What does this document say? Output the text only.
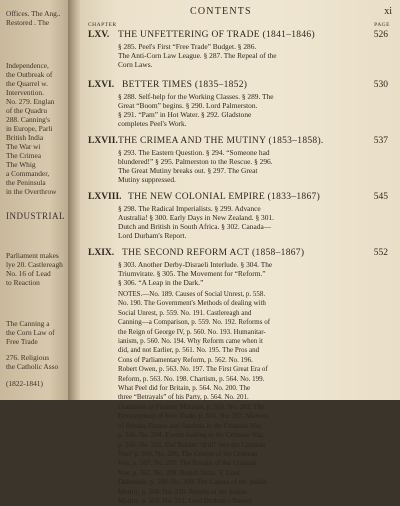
Offices. The Ang..
Restored . The
Independence,
the Outbreak of
the Quarrel w.
Intervention.
No. 279. Englan
of the Quadru
288. Canning's
in Europe, Parli
British India
The War wi
The Crimea
The Whig
a Commander,
the Peninsula
in the Overthrow
INDUSTRIAL
Parliament makes
lye 20. Castlereagh
No. 16 of Lead
to Reaction
The Canning a
the Corn Law of
Free Trade
276. Religious
the Catholic Asso
(1822-1841)
CONTENTS	xi
CHAPTER	PAGE
LXV. THE UNFETTERING OF TRADE (1841–1846)	526
§ 285. Peel's First “Free Trade” Budget. § 286.
The Anti-Corn Law League. § 287. The Repeal of the
Corn Laws.
LXVI. BETTER TIMES (1835–1852)	530
§ 288. Self-help for the Working Classes. § 289. The
Great “Boom” begins. § 290. Lord Palmerston.
§ 291. “Pam” in Hot Water. § 292. Gladstone
completes Peel's Work.
LXVII. THE CRIMEA AND THE MUTINY (1853–1858).	537
§ 293. The Eastern Question. § 294. “Someone had
blundered!” § 295. Palmerston to the Rescue. § 296.
The Great Mutiny breaks out. § 297. The Great
Mutiny suppressed.
LXVIII. THE NEW COLONIAL EMPIRE (1833–1867)	545
§ 298. The Radical Imperialists. § 299. Advance
Australia! § 300. Early Days in New Zealand. § 301.
Dutch and British in South Africa. § 302. Canada—
Lord Durham's Report.
LXIX. THE SECOND REFORM ACT (1858–1867)	552
§ 303. Another Derby-Disraeli Interlude. § 304. The
Triumvirate. § 305. The Movement for “Reform.”
§ 306. “A Leap in the Dark.”
NOTES.—No. 189. Causes of Social Unrest, p. 558.
No. 190. The Government's Methods of dealing with
Social Unrest, p. 559. No. 191. Castlereagh and
Canning—a Comparison, p. 559. No. 192. Reforms of
the Reign of George IV, p. 560. No. 193. Humanitar-
ianism, p. 560. No. 194. Why Reform came when it
did, and not Earlier, p. 561. No. 195. The Pros and
Cons of Parliamentary Reform, p. 562. No. 196.
Robert Owen, p. 563. No. 197. The First Great Era of
Reform, p. 563. No. 198. Chartism, p. 564. No. 199.
What Peel did for Britain, p. 564. No. 200. The
three “Betrayals” of his Party, p. 564. No. 201.
Gladstone as Finance Minister, p. 565. No. 202. The
Development of Free Trade, p. 565. No. 203. Motives
of Britain, France and Sardinia in the Crimean War,
p. 566. No. 204. Events leading to the Crimean War,
p. 566. No. 205. Did Britain “drift” into the Crimean
War? p. 566. No. 206. The Course of the Crimean
War, p. 567. No. 207. The Results of the Crimean
War, p. 567. No. 208. British India: V. Lord
Dalhousie, p. 568. No. 209. The Causes of the Indian
Mutiny, p. 568. No. 210. Results of the Indian
Mutiny, p. 569. No. 211. Lord Durham's Report
